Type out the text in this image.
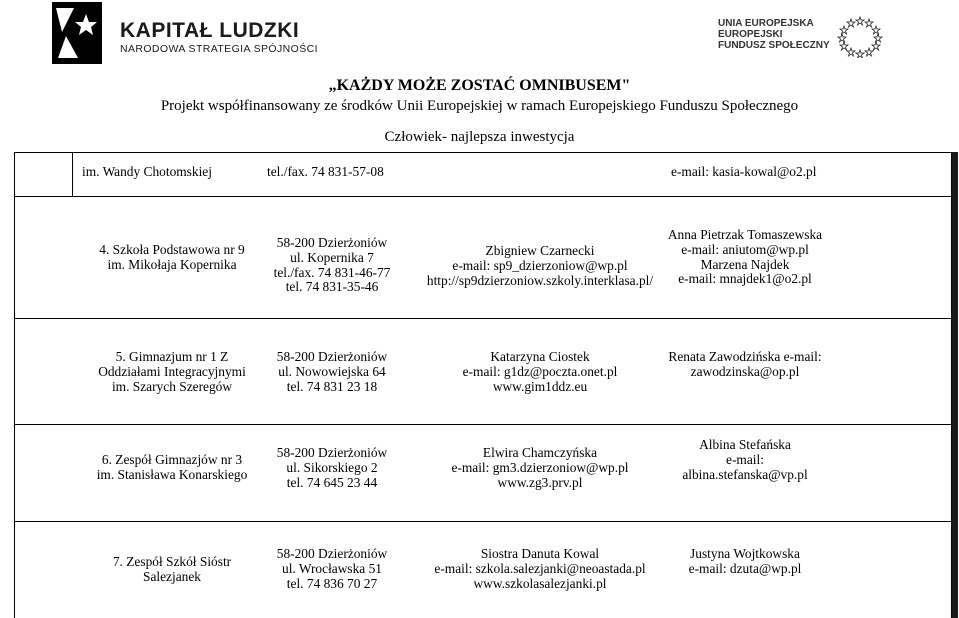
KAPITAŁ LUDZKI
NARODOWA STRATEGIA SPÓJNOŚCI
UNIA EUROPEJSKA
EUROPEJSKI
FUNDUSZ SPOŁECZNY
„KAŻDY MOŻE ZOSTAĆ OMNIBUSEM"
Projekt współfinansowany ze środków Unii Europejskiej w ramach Europejskiego Funduszu Społecznego
Człowiek- najlepsza inwestycja
im. Wandy Chotomskiej	tel./fax. 74 831-57-08	e-mail: kasia-kowal@o2.pl
4. Szkoła Podstawowa nr 9
im. Mikołaja Kopernika
58-200 Dzierżoniów
ul. Kopernika 7
tel./fax. 74 831-46-77
tel. 74 831-35-46
Zbigniew Czarnecki
e-mail: sp9_dzierzoniow@wp.pl
http://sp9dzierzoniow.szkoly.interklasa.pl/
Anna Pietrzak Tomaszewska
e-mail: aniutom@wp.pl
Marzena Najdek
e-mail: mnajdek1@o2.pl
5. Gimnazjum nr 1 Z
Oddziałami Integracyjnymi
im. Szarych Szeregów
58-200 Dzierżoniów
ul. Nowowiejska 64
tel. 74 831 23 18
Katarzyna Ciostek
e-mail: g1dz@poczta.onet.pl
www.gim1ddz.eu
Renata Zawodzińska e-mail:
zawodzinska@op.pl
6. Zespół Gimnazjów nr 3
im. Stanisława Konarskiego
58-200 Dzierżoniów
ul. Sikorskiego 2
tel. 74 645 23 44
Elwira Chamczyńska
e-mail: gm3.dzierzoniow@wp.pl
www.zg3.prv.pl
Albina Stefańska
e-mail:
albina.stefanska@vp.pl
7. Zespół Szkół Sióstr
Salezjanek
58-200 Dzierżoniów
ul. Wrocławska 51
tel. 74 836 70 27
Siostra Danuta Kowal
e-mail: szkola.salezjanki@neoastada.pl
www.szkolasalezjanki.pl
Justyna Wojtkowska
e-mail: dzuta@wp.pl
